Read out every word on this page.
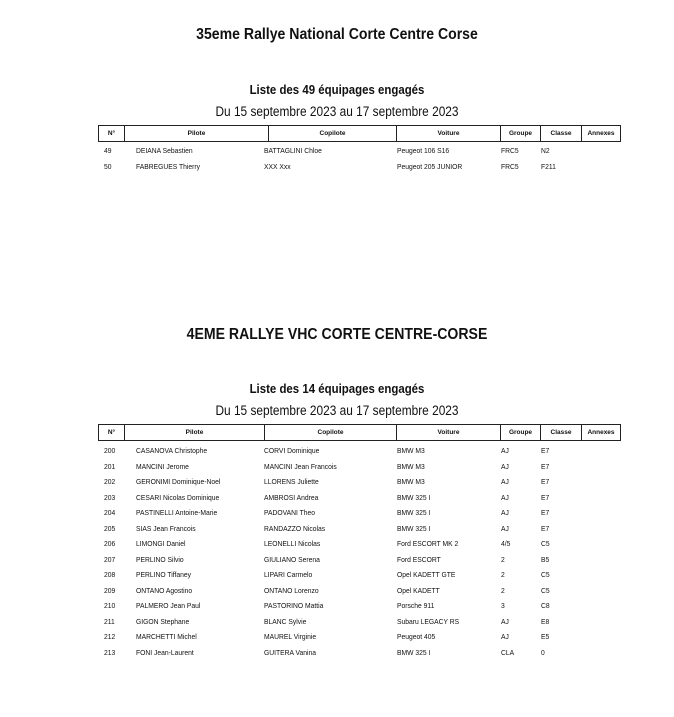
35eme Rallye National Corte Centre Corse
Liste des 49 équipages engagés
Du 15 septembre 2023 au 17 septembre 2023
N°	Pilote	Copilote	Voiture	Groupe	Classe	Annexes
49	DEIANA Sebastien	BATTAGLINI Chloe	Peugeot 106 S16	FRC5	N2
50	FABREGUES Thierry	XXX Xxx	Peugeot 205 JUNIOR	FRC5	F211
4EME RALLYE VHC CORTE CENTRE-CORSE
Liste des 14 équipages engagés
Du 15 septembre 2023 au 17 septembre 2023
N°	Pilote	Copilote	Voiture	Groupe	Classe	Annexes
200	CASANOVA Christophe	CORVI Dominique	BMW M3	AJ	E7
201	MANCINI Jerome	MANCINI Jean Francois	BMW M3	AJ	E7
202	GERONIMI Dominique-Noel	LLORENS Juliette	BMW M3	AJ	E7
203	CESARI Nicolas Dominique	AMBROSI Andrea	BMW 325 I	AJ	E7
204	PASTINELLI Antoine-Marie	PADOVANI Theo	BMW 325 I	AJ	E7
205	SIAS Jean Francois	RANDAZZO Nicolas	BMW 325 I	AJ	E7
206	LIMONGI Daniel	LEONELLI Nicolas	Ford ESCORT MK 2	4/5	C5
207	PERLINO Silvio	GIULIANO Serena	Ford ESCORT	2	B5
208	PERLINO Tiffaney	LIPARI Carmelo	Opel KADETT GTE	2	C5
209	ONTANO Agostino	ONTANO Lorenzo	Opel KADETT	2	C5
210	PALMERO Jean Paul	PASTORINO Mattia	Porsche 911	3	C8
211	GIGON Stephane	BLANC Sylvie	Subaru LEGACY RS	AJ	E8
212	MARCHETTI Michel	MAUREL Virginie	Peugeot 405	AJ	E5
213	FONI Jean-Laurent	GUITERA Vanina	BMW 325 I	CLA	0
